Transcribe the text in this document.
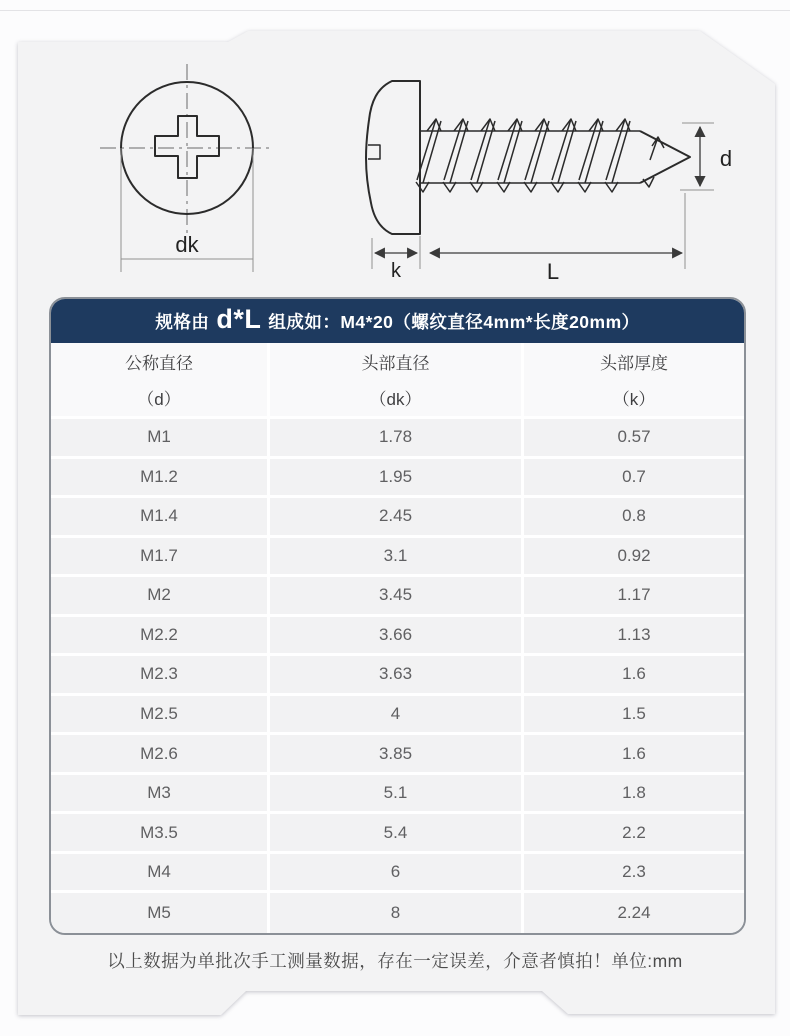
dk
d
k	L
规格由 d*L 组成如：M4*20（螺纹直径4mm*长度20mm）
公称直径
（d）
头部直径
（dk）
头部厚度
（k）
M1	1.78	0.57
M1.2	1.95	0.7
M1.4	2.45	0.8
M1.7	3.1	0.92
M2	3.45	1.17
M2.2	3.66	1.13
M2.3	3.63	1.6
M2.5	4	1.5
M2.6	3.85	1.6
M3	5.1	1.8
M3.5	5.4	2.2
M4	6	2.3
M5	8	2.24
以上数据为单批次手工测量数据，存在一定误差，介意者慎拍！单位:mm
